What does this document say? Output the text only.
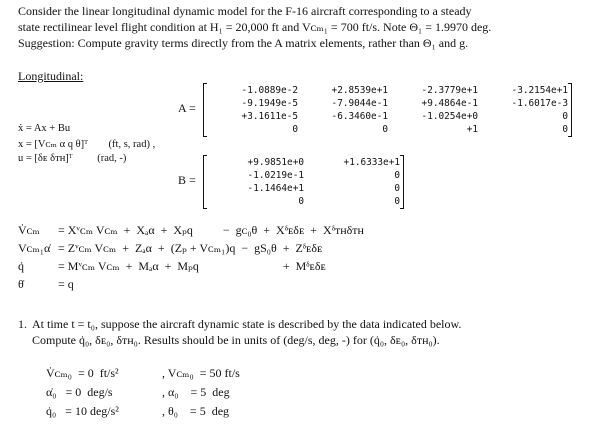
Consider the linear longitudinal dynamic model for the F-16 aircraft corresponding to a steady

state rectilinear level flight condition at H₁ = 20,000 ft and Vᴄₘ₁ = 700 ft/s. Note Θ₁ = 1.9970 deg.

Suggestion: Compute gravity terms directly from the A matrix elements, rather than Θ₁ and g.

Longitudinal:
A =
-1.0889e-2	+2.8539e+1	-2.3779e+1	-3.2154e+1
-9.1949e-5	-7.9044e-1	+9.4864e-1	-1.6017e-3
+3.1611e-5	-6.3460e-1	-1.0254e+0	0
0	0	+1	0
ẋ = Ax + Bu
x = [Vᴄₘ α q θ]ᵀ (ft, s, rad) ,
u = [δᴇ δᴛʜ]ᵀ (rad, -)
B =
+9.9851e+0	+1.6333e+1
-1.0219e-1	0
-1.1464e+1	0
0	0
V̇ᴄₘ = Xᵛᴄₘ Vᴄₘ  +  Xₐα  +  Xₚq          −  gᴄ₀θ  +  Xᵟᴇδᴇ  +  Xᵟᴛʜδᴛʜ
Vᴄₘ₁α̇ = Zᵛᴄₘ Vᴄₘ  +  Zₐα  +  (Zₚ + Vᴄₘ₁)q  −  gS₀θ  +  Zᵟᴇδᴇ
q̇	= Mᵛᴄₘ Vᴄₘ  +  Mₐα  +  Mₚq                            +  Mᵟᴇδᴇ
θ̇	= q
1. At time t = t₀, suppose the aircraft dynamic state is described by the data indicated below.
Compute q̇₀, δᴇ₀, δᴛʜ₀. Results should be in units of (deg/s, deg, -) for (q̇₀, δᴇ₀, δᴛʜ₀).
V̇ᴄₘ₀  = 0  ft/s²	, Vᴄₘ₀  = 50 ft/s
α̇₀   = 0  deg/s	, α₀    = 5  deg
q̇₀   = 10 deg/s²	, θ₀    = 5  deg
